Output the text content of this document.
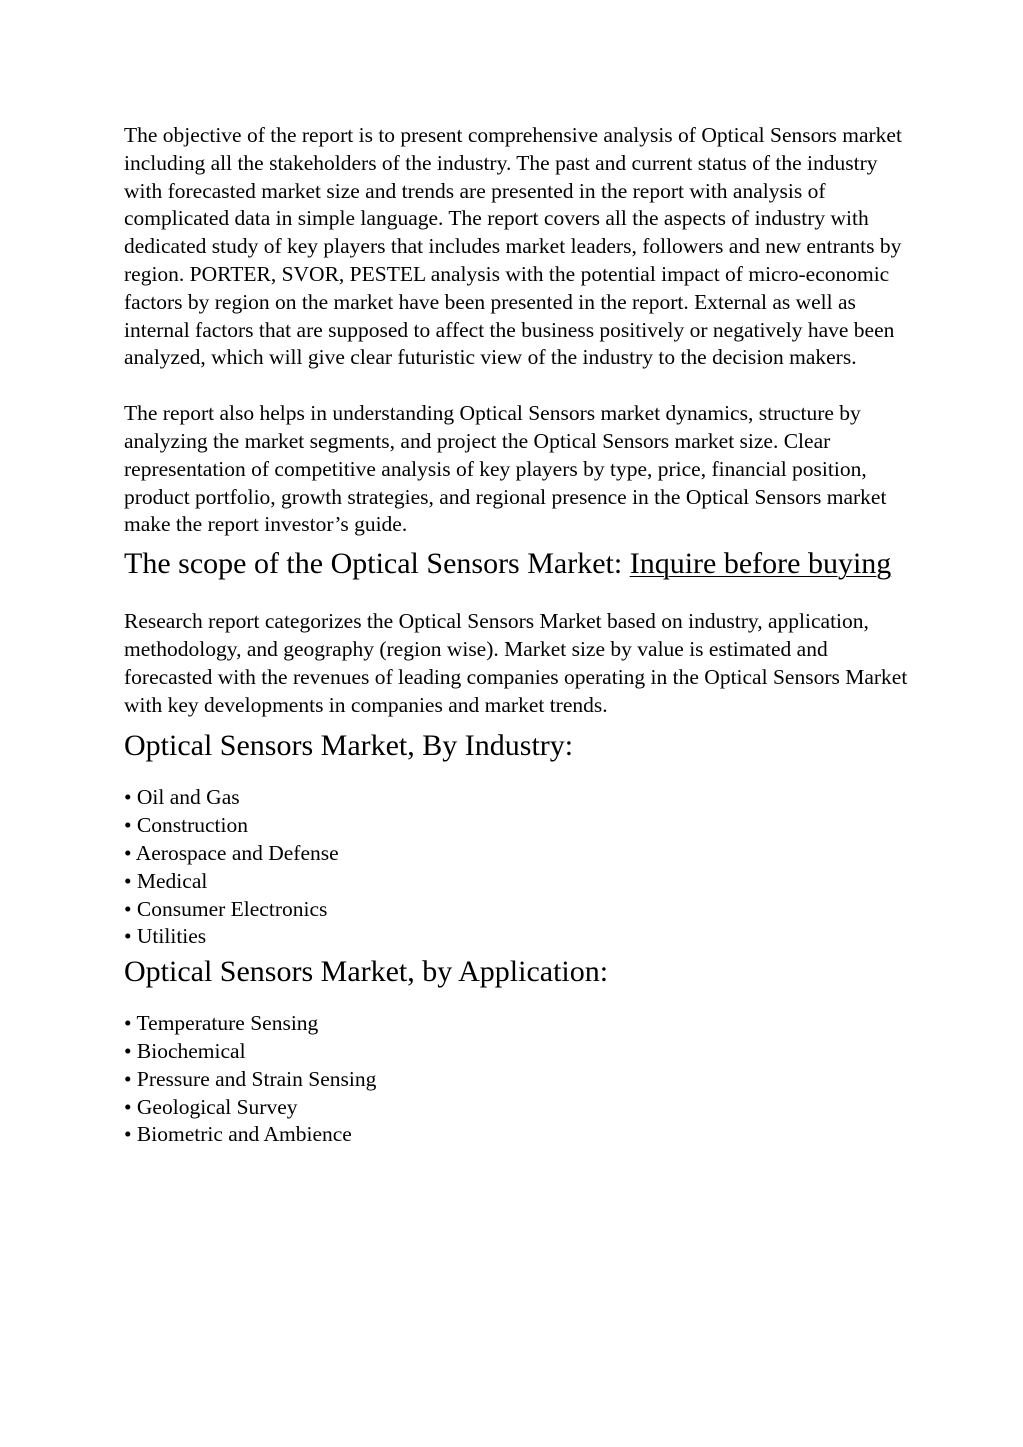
The objective of the report is to present comprehensive analysis of Optical Sensors market including all the stakeholders of the industry. The past and current status of the industry with forecasted market size and trends are presented in the report with analysis of complicated data in simple language. The report covers all the aspects of industry with dedicated study of key players that includes market leaders, followers and new entrants by region. PORTER, SVOR, PESTEL analysis with the potential impact of micro-economic factors by region on the market have been presented in the report. External as well as internal factors that are supposed to affect the business positively or negatively have been analyzed, which will give clear futuristic view of the industry to the decision makers.

The report also helps in understanding Optical Sensors market dynamics, structure by analyzing the market segments, and project the Optical Sensors market size. Clear representation of competitive analysis of key players by type, price, financial position, product portfolio, growth strategies, and regional presence in the Optical Sensors market make the report investor’s guide.

The scope of the Optical Sensors Market: Inquire before buying

Research report categorizes the Optical Sensors Market based on industry, application, methodology, and geography (region wise). Market size by value is estimated and forecasted with the revenues of leading companies operating in the Optical Sensors Market with key developments in companies and market trends.

Optical Sensors Market, By Industry:
• Oil and Gas
• Construction
• Aerospace and Defense
• Medical
• Consumer Electronics
• Utilities
Optical Sensors Market, by Application:
• Temperature Sensing
• Biochemical
• Pressure and Strain Sensing
• Geological Survey
• Biometric and Ambience
